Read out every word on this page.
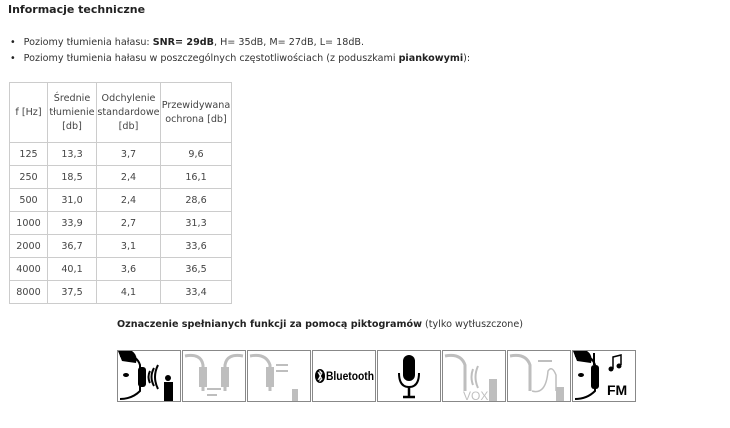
Informacje techniczne
• Poziomy tłumienia hałasu: SNR= 29dB, H= 35dB, M= 27dB, L= 18dB.
• Poziomy tłumienia hałasu w poszczególnych częstotliwościach (z poduszkami piankowymi):
f [Hz]	Średnie tłumienie [db]	Odchylenie standardowe [db]	Przewidywana ochrona [db]
125	13,3	3,7	9,6
250	18,5	2,4	16,1
500	31,0	2,4	28,6
1000	33,9	2,7	31,3
2000	36,7	3,1	33,6
4000	40,1	3,6	36,5
8000	37,5	4,1	33,4
Oznaczenie spełnianych funkcji za pomocą piktogramów (tylko wytłuszczone)
Bluetooth
VOX	FM
